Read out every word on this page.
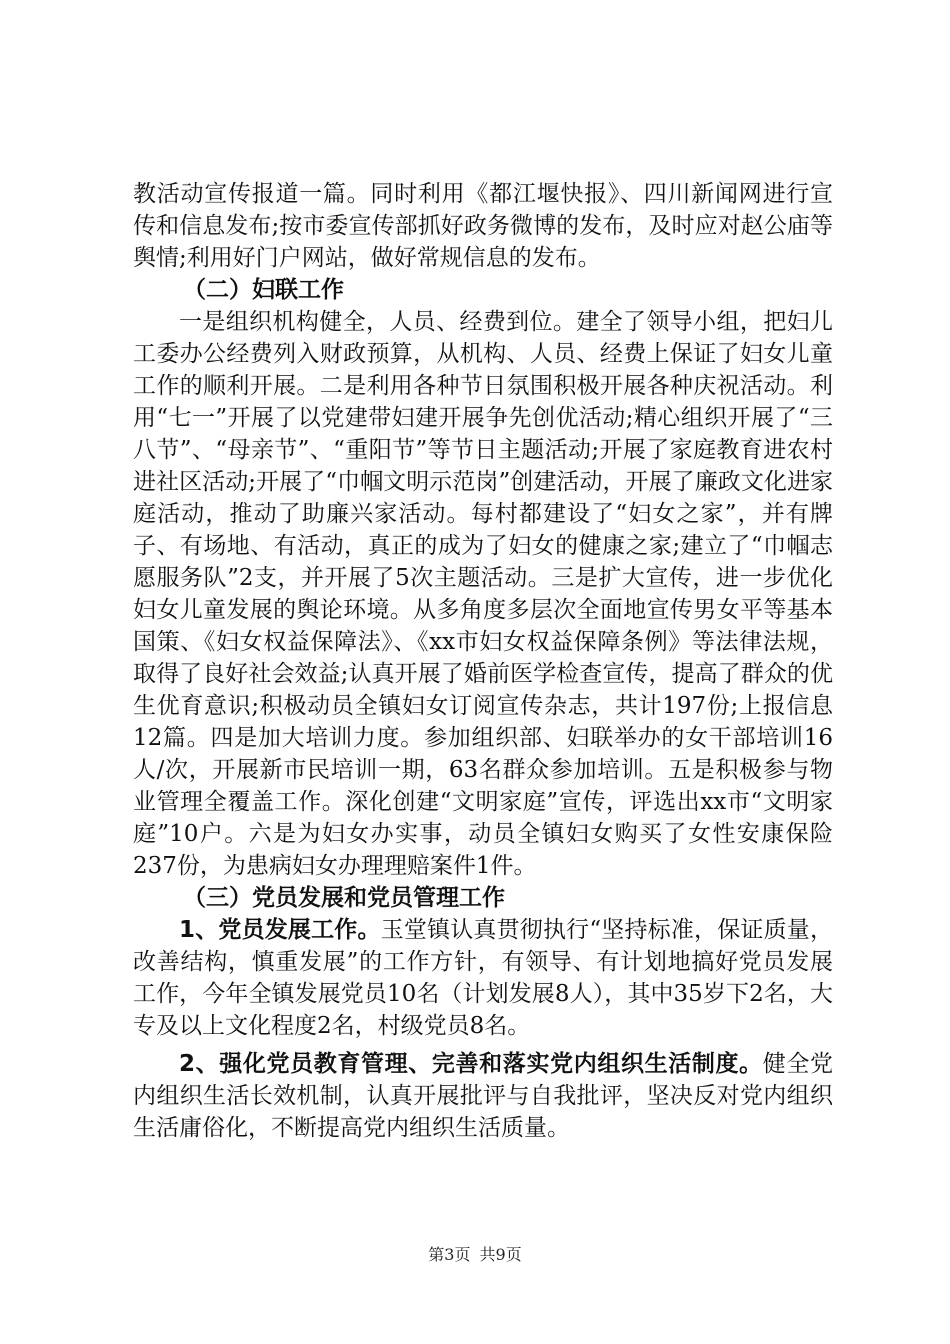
教活动宣传报道一篇。同时利用《都江堰快报》、四川新闻网进行宣传和信息发布;按市委宣传部抓好政务微博的发布，及时应对赵公庙等舆情;利用好门户网站，做好常规信息的发布。

（二）妇联工作

一是组织机构健全，人员、经费到位。建全了领导小组，把妇儿工委办公经费列入财政预算，从机构、人员、经费上保证了妇女儿童工作的顺利开展。二是利用各种节日氛围积极开展各种庆祝活动。利用“七一”开展了以党建带妇建开展争先创优活动;精心组织开展了“三八节”、“母亲节”、“重阳节”等节日主题活动;开展了家庭教育进农村进社区活动;开展了“巾帼文明示范岗”创建活动，开展了廉政文化进家庭活动，推动了助廉兴家活动。每村都建设了“妇女之家”，并有牌子、有场地、有活动，真正的成为了妇女的健康之家;建立了“巾帼志愿服务队”2支，并开展了5次主题活动。三是扩大宣传，进一步优化妇女儿童发展的舆论环境。从多角度多层次全面地宣传男女平等基本国策、《妇女权益保障法》、《xx市妇女权益保障条例》等法律法规，取得了良好社会效益;认真开展了婚前医学检查宣传，提高了群众的优生优育意识;积极动员全镇妇女订阅宣传杂志，共计197份;上报信息12篇。四是加大培训力度。参加组织部、妇联举办的女干部培训16人/次，开展新市民培训一期，63名群众参加培训。五是积极参与物业管理全覆盖工作。深化创建“文明家庭”宣传，评选出xx市“文明家庭”10户。六是为妇女办实事，动员全镇妇女购买了女性安康保险237份，为患病妇女办理理赔案件1件。

（三）党员发展和党员管理工作

1、党员发展工作。玉堂镇认真贯彻执行“坚持标准，保证质量，改善结构，慎重发展”的工作方针，有领导、有计划地搞好党员发展工作，今年全镇发展党员10名（计划发展8人），其中35岁下2名，大专及以上文化程度2名，村级党员8名。

2、强化党员教育管理、完善和落实党内组织生活制度。健全党内组织生活长效机制，认真开展批评与自我批评，坚决反对党内组织生活庸俗化，不断提高党内组织生活质量。

第3页 共9页
